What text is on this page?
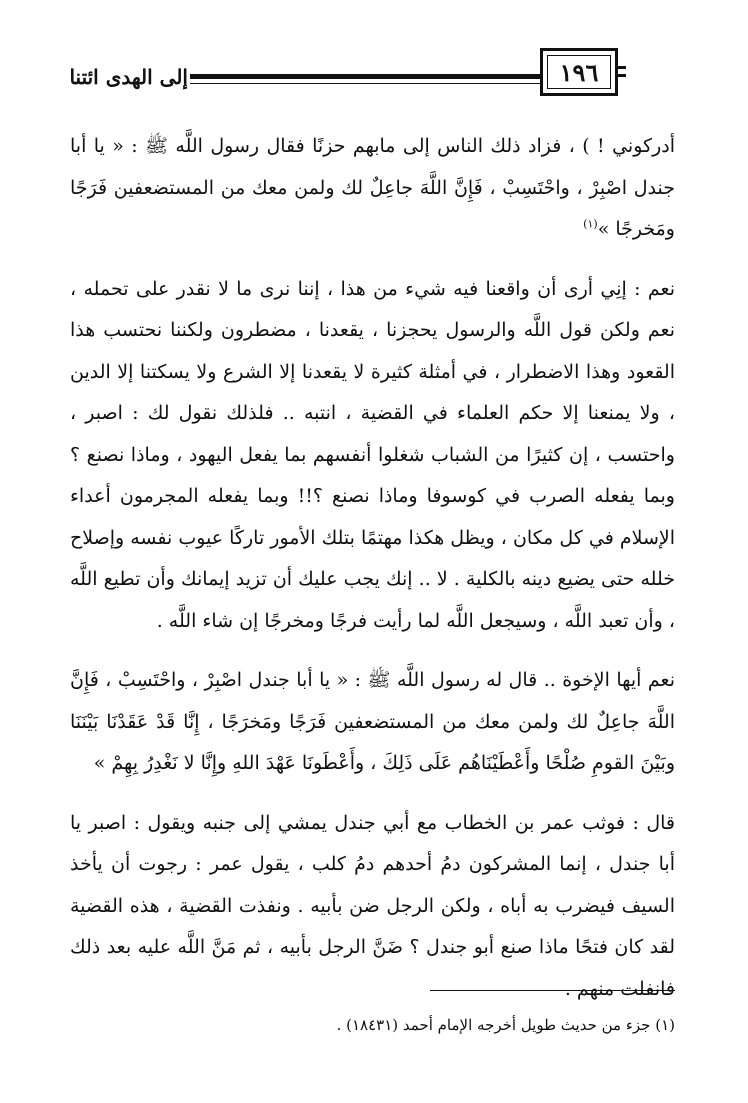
١٩٦
إلى الهدى ائتنا

أدركوني ! ) ، فزاد ذلك الناس إلى مابهم حزنًا فقال رسول اللَّه ﷺ : « يا أبا جندل اصْبِرْ ، واحْتَسِبْ ، فَإِنَّ اللَّهَ جاعِلٌ لك ولمن معك من المستضعفين فَرَجًا ومَخرجًا »$^{(١)}$

نعم : إنِي أرى أن واقعنا فيه شيء من هذا ، إننا نرى ما لا نقدر على تحمله ، نعم ولكن قول اللَّه والرسول يحجزنا ، يقعدنا ، مضطرون ولكننا نحتسب هذا القعود وهذا الاضطرار ، في أمثلة كثيرة لا يقعدنا إلا الشرع ولا يسكتنا إلا الدين ، ولا يمنعنا إلا حكم العلماء في القضية ، انتبه .. فلذلك نقول لك : اصبر ، واحتسب ، إن كثيرًا من الشباب شغلوا أنفسهم بما يفعل اليهود ، وماذا نصنع ؟ وبما يفعله الصرب في كوسوفا وماذا نصنع ؟!! وبما يفعله المجرمون أعداء الإسلام في كل مكان ، ويظل هكذا مهتمًا بتلك الأمور تاركًا عيوب نفسه وإصلاح خلله حتى يضيع دينه بالكلية . لا .. إنك يجب عليك أن تزيد إيمانك وأن تطيع اللَّه ، وأن تعبد اللَّه ، وسيجعل اللَّه لما رأيت فرجًا ومخرجًا إن شاء اللَّه .

نعم أيها الإخوة .. قال له رسول اللَّه ﷺ : « يا أبا جندل اصْبِرْ ، واحْتَسِبْ ، فَإِنَّ اللَّهَ جاعِلٌ لك ولمن معك من المستضعفين فَرَجًا ومَخرَجًا ، إِنَّا قَدْ عَقَدْنَا بَيْنَنَا وبَيْنَ القومِ صُلْحًا وأَعْطَيْنَاهُم عَلَى ذَلِكَ ، وأَعْطَونَا عَهْدَ اللهِ وإِنَّا لا نَغْدِرُ بِهِمْ »

قال : فوثب عمر بن الخطاب مع أبي جندل يمشي إلى جنبه ويقول : اصبر يا أبا جندل ، إنما المشركون دمُ أحدهم دمُ كلب ، يقول عمر : رجوت أن يأخذ السيف فيضرب به أباه ، ولكن الرجل ضن بأبيه . ونفذت القضية ، هذه القضية لقد كان فتحًا ماذا صنع أبو جندل ؟ ضَنَّ الرجل بأبيه ، ثم مَنَّ اللَّه عليه بعد ذلك فانفلت منهم .

(١) جزء من حديث طويل أخرجه الإمام أحمد (١٨٤٣١) .
